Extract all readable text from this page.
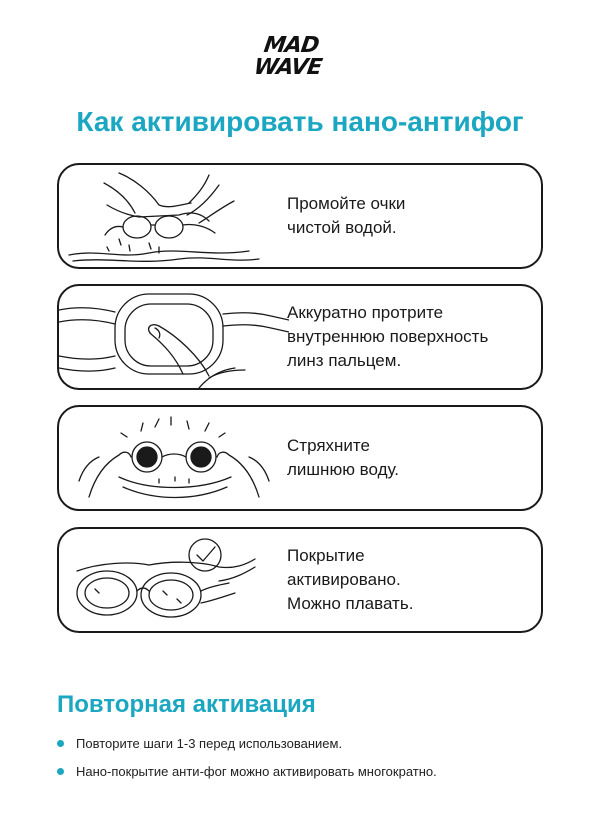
MAD
WAVE
Как активировать нано-антифог
Промойте очки
чистой водой.
Аккуратно протрите
внутреннюю поверхность
линз пальцем.
Стряхните
лишнюю воду.
Покрытие
активировано.
Можно плавать.
Повторная активация
Повторите шаги 1-3 перед использованием.
Нано-покрытие анти-фог можно активировать многократно.
